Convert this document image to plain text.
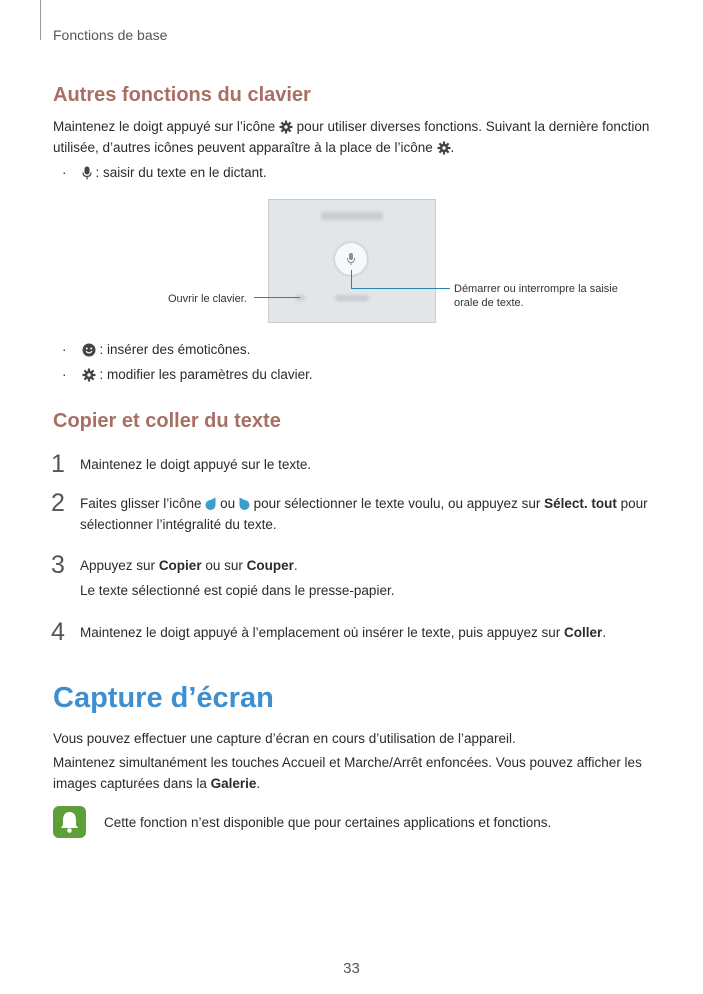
Fonctions de base
Autres fonctions du clavier
Maintenez le doigt appuyé sur l’icône pour utiliser diverses fonctions. Suivant la dernière fonction
utilisée, d’autres icônes peuvent apparaître à la place de l’icône .
· : saisir du texte en le dictant.
Ouvrir le clavier.
Démarrer ou interrompre la saisie
orale de texte.
· : insérer des émoticônes.
· : modifier les paramètres du clavier.
Copier et coller du texte
1 Maintenez le doigt appuyé sur le texte.
2 Faites glisser l’icône ou pour sélectionner le texte voulu, ou appuyez sur Sélect. tout pour
sélectionner l’intégralité du texte.
3 Appuyez sur Copier ou sur Couper.
Le texte sélectionné est copié dans le presse-papier.
4 Maintenez le doigt appuyé à l’emplacement où insérer le texte, puis appuyez sur Coller.
Capture d’écran
Vous pouvez effectuer une capture d’écran en cours d’utilisation de l’appareil.
Maintenez simultanément les touches Accueil et Marche/Arrêt enfoncées. Vous pouvez afficher les
images capturées dans la Galerie.
Cette fonction n’est disponible que pour certaines applications et fonctions.
33
